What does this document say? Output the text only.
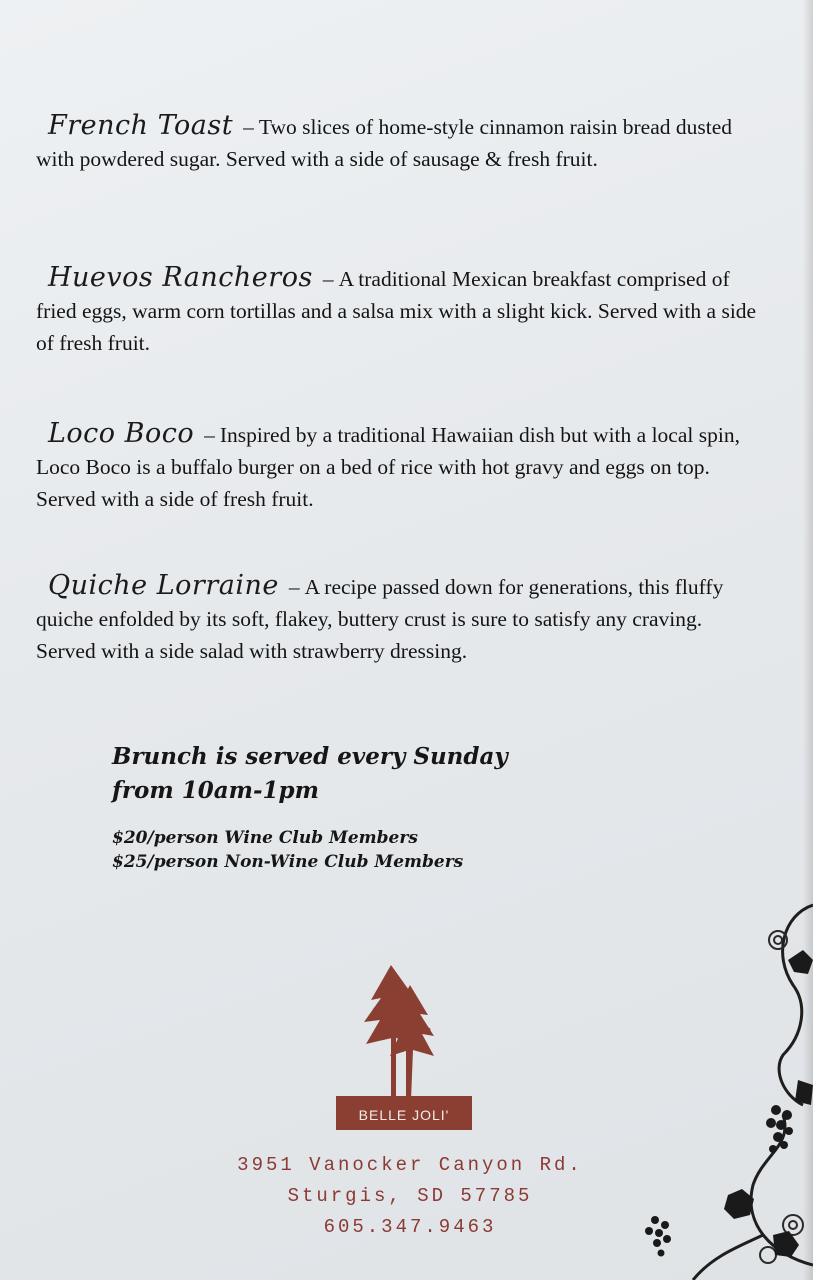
French Toast – Two slices of home-style cinnamon raisin bread dusted with powdered sugar. Served with a side of sausage & fresh fruit.
Huevos Rancheros – A traditional Mexican breakfast comprised of fried eggs, warm corn tortillas and a salsa mix with a slight kick. Served with a side of fresh fruit.
Loco Boco – Inspired by a traditional Hawaiian dish but with a local spin, Loco Boco is a buffalo burger on a bed of rice with hot gravy and eggs on top. Served with a side of fresh fruit.
Quiche Lorraine – A recipe passed down for generations, this fluffy quiche enfolded by its soft, flakey, buttery crust is sure to satisfy any craving. Served with a side salad with strawberry dressing.
Brunch is served every Sunday
from 10am-1pm
$20/person Wine Club Members
$25/person Non-Wine Club Members
BELLE JOLI'
3951 Vanocker Canyon Rd.
Sturgis, SD 57785
605.347.9463
